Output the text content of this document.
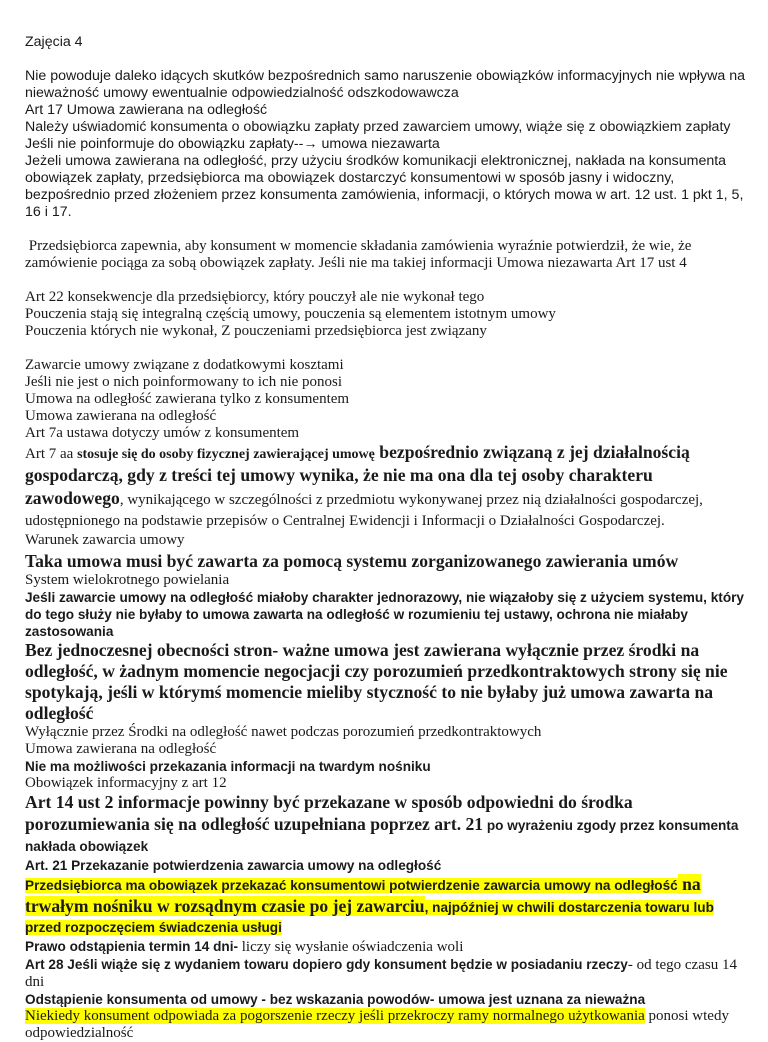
Zajęcia 4

Nie powoduje daleko idących skutków bezpośrednich samo naruszenie obowiązków informacyjnych nie wpływa na nieważność umowy ewentualnie odpowiedzialność odszkodowawcza

Art 17 Umowa zawierana na odległość

Należy uświadomić konsumenta o obowiązku zapłaty przed zawarciem umowy, wiąże się z obowiązkiem zapłaty

Jeśli nie poinformuje do obowiązku zapłaty--→ umowa niezawarta

Jeżeli umowa zawierana na odległość, przy użyciu środków komunikacji elektronicznej, nakłada na konsumenta obowiązek zapłaty, przedsiębiorca ma obowiązek dostarczyć konsumentowi w sposób jasny i widoczny, bezpośrednio przed złożeniem przez konsumenta zamówienia, informacji, o których mowa w art. 12 ust. 1 pkt 1, 5, 16 i 17.

Przedsiębiorca zapewnia, aby konsument w momencie składania zamówienia wyraźnie potwierdził, że wie, że zamówienie pociąga za sobą obowiązek zapłaty. Jeśli nie ma takiej informacji Umowa niezawarta Art 17 ust 4

Art 22 konsekwencje dla przedsiębiorcy, który pouczył ale nie wykonał tego

Pouczenia stają się integralną częścią umowy, pouczenia są elementem istotnym umowy

Pouczenia których nie wykonał, Z pouczeniami przedsiębiorca jest związany

Zawarcie umowy związane z dodatkowymi kosztami

Jeśli nie jest o nich poinformowany to ich nie ponosi

Umowa na odległość zawierana tylko z konsumentem

Umowa zawierana na odległość

Art 7a ustawa dotyczy umów z konsumentem

Art 7 aa stosuje się do osoby fizycznej zawierającej umowę bezpośrednio związaną z jej działalnością gospodarczą, gdy z treści tej umowy wynika, że nie ma ona dla tej osoby charakteru zawodowego, wynikającego w szczególności z przedmiotu wykonywanej przez nią działalności gospodarczej, udostępnionego na podstawie przepisów o Centralnej Ewidencji i Informacji o Działalności Gospodarczej.

Warunek zawarcia umowy

Taka umowa musi być zawarta za pomocą systemu zorganizowanego zawierania umów

System wielokrotnego powielania

Jeśli zawarcie umowy na odległość miałoby charakter jednorazowy, nie wiązałoby się z użyciem systemu, który do tego służy nie byłaby to umowa zawarta na odległość w rozumieniu tej ustawy, ochrona nie miałaby zastosowania

Bez jednoczesnej obecności stron- ważne umowa jest zawierana wyłącznie przez środki na odległość, w żadnym momencie negocjacji czy porozumień przedkontraktowych strony się nie spotykają, jeśli w którymś momencie mieliby styczność to nie byłaby już umowa zawarta na odległość

Wyłącznie przez Środki na odległość nawet podczas porozumień przedkontraktowych

Umowa zawierana na odległość

Nie ma możliwości przekazania informacji na twardym nośniku

Obowiązek informacyjny z art 12

Art 14 ust 2 informacje powinny być przekazane w sposób odpowiedni do środka porozumiewania się na odległość uzupełniana poprzez art. 21 po wyrażeniu zgody przez konsumenta nakłada obowiązek

Art. 21 Przekazanie potwierdzenia zawarcia umowy na odległość

Przedsiębiorca ma obowiązek przekazać konsumentowi potwierdzenie zawarcia umowy na odległość na trwałym nośniku w rozsądnym czasie po jej zawarciu, najpóźniej w chwili dostarczenia towaru lub przed rozpoczęciem świadczenia usługi

Prawo odstąpienia termin 14 dni- liczy się wysłanie oświadczenia woli

Art 28 Jeśli wiąże się z wydaniem towaru dopiero gdy konsument będzie w posiadaniu rzeczy- od tego czasu 14 dni

Odstąpienie konsumenta od umowy - bez wskazania powodów- umowa jest uznana za nieważna

Niekiedy konsument odpowiada za pogorszenie rzeczy jeśli przekroczy ramy normalnego użytkowania ponosi wtedy odpowiedzialność
